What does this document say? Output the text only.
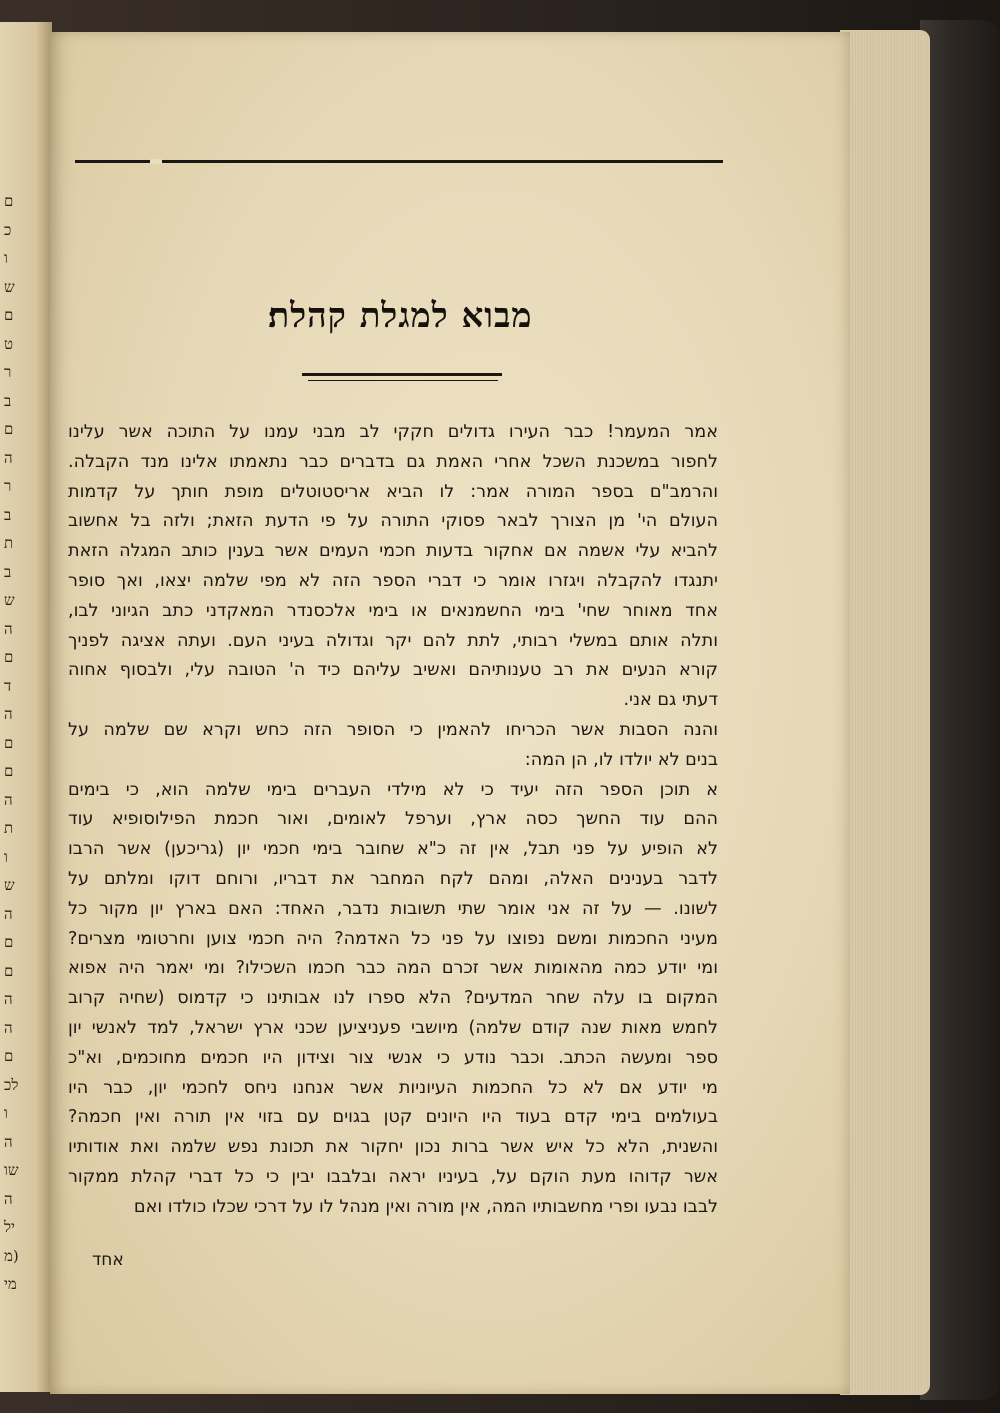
ם
כ
ו
ש
ם
ט
ר
ב
ם
ה
ר
ב
ת
ב
ש
ה
ם
ד
ה
ם
ם
ה
ת
ו
ש
ה
ם
ם
ה
ה
ם
לכ
ו
ה
שו
ה
יל
(מ
מי
מבוא למגלת קהלת׃
אמר המעמר! כבר העירו גדולים חקקי לב מבני עמנו על התוכה אשר עלינו
לחפור במשכנת השכל אחרי האמת גם בדברים כבר נתאמתו אלינו מנד הקבלה.
והרמב"ם בספר המורה אמר: לו הביא אריסטוטלים מופת חותך על קדמות
העולם הי' מן הצורך לבאר פסוקי התורה על פי הדעת הזאת; ולזה בל אחשוב
להביא עלי אשמה אם אחקור בדעות חכמי העמים אשר בענין כותב המגלה הזאת
יתנגדו להקבלה ויגזרו אומר כי דברי הספר הזה לא מפי שלמה יצאו, ואך סופר
אחד מאוחר שחי' בימי החשמנאים או בימי אלכסנדר המאקדני כתב הגיוני לבו,
ותלה אותם במשלי רבותי, לתת להם יקר וגדולה בעיני העם. ועתה אציגה לפניך
קורא הנעים את רב טענותיהם ואשיב עליהם כיד ה' הטובה עלי, ולבסוף אחוה
דעתי גם אני.
והנה הסבות אשר הכריחו להאמין כי הסופר הזה כחש וקרא שם שלמה על
בנים לא יולדו לו, הן המה:
א תוכן הספר הזה יעיד כי לא מילדי העברים בימי שלמה הוא, כי בימים
ההם עוד החשך כסה ארץ, וערפל לאומים, ואור חכמת הפילוסופיא עוד
לא הופיע על פני תבל, אין זה כ"א שחובר בימי חכמי יון (גריכען) אשר הרבו
לדבר בענינים האלה, ומהם לקח המחבר את דבריו, ורוחם דוקו ומלתם על
לשונו. — על זה אני אומר שתי תשובות נדבר, האחד: האם בארץ יון מקור כל
מעיני החכמות ומשם נפוצו על פני כל האדמה? היה חכמי צוען וחרטומי מצרים?
ומי יודע כמה מהאומות אשר זכרם המה כבר חכמו השכילו? ומי יאמר היה אפוא
המקום בו עלה שחר המדעים? הלא ספרו לנו אבותינו כי קדמוס (שחיה קרוב
לחמש מאות שנה קודם שלמה) מיושבי פעניציען שכני ארץ ישראל, למד לאנשי יון
ספר ומעשה הכתב. וכבר נודע כי אנשי צור וצידון היו חכמים מחוכמים, וא"כ
מי יודע אם לא כל החכמות העיוניות אשר אנחנו ניחס לחכמי יון, כבר היו
בעולמים בימי קדם בעוד היו היונים קטן בגוים עם בזוי אין תורה ואין חכמה?
והשנית, הלא כל איש אשר ברות נכון יחקור את תכונת נפש שלמה ואת אודותיו
אשר קדוהו מעת הוקם על, בעיניו יראה ובלבבו יבין כי כל דברי קהלת ממקור
לבבו נבעו ופרי מחשבותיו המה, אין מורה ואין מנהל לו על דרכי שכלו כולדו ואם
אחד
